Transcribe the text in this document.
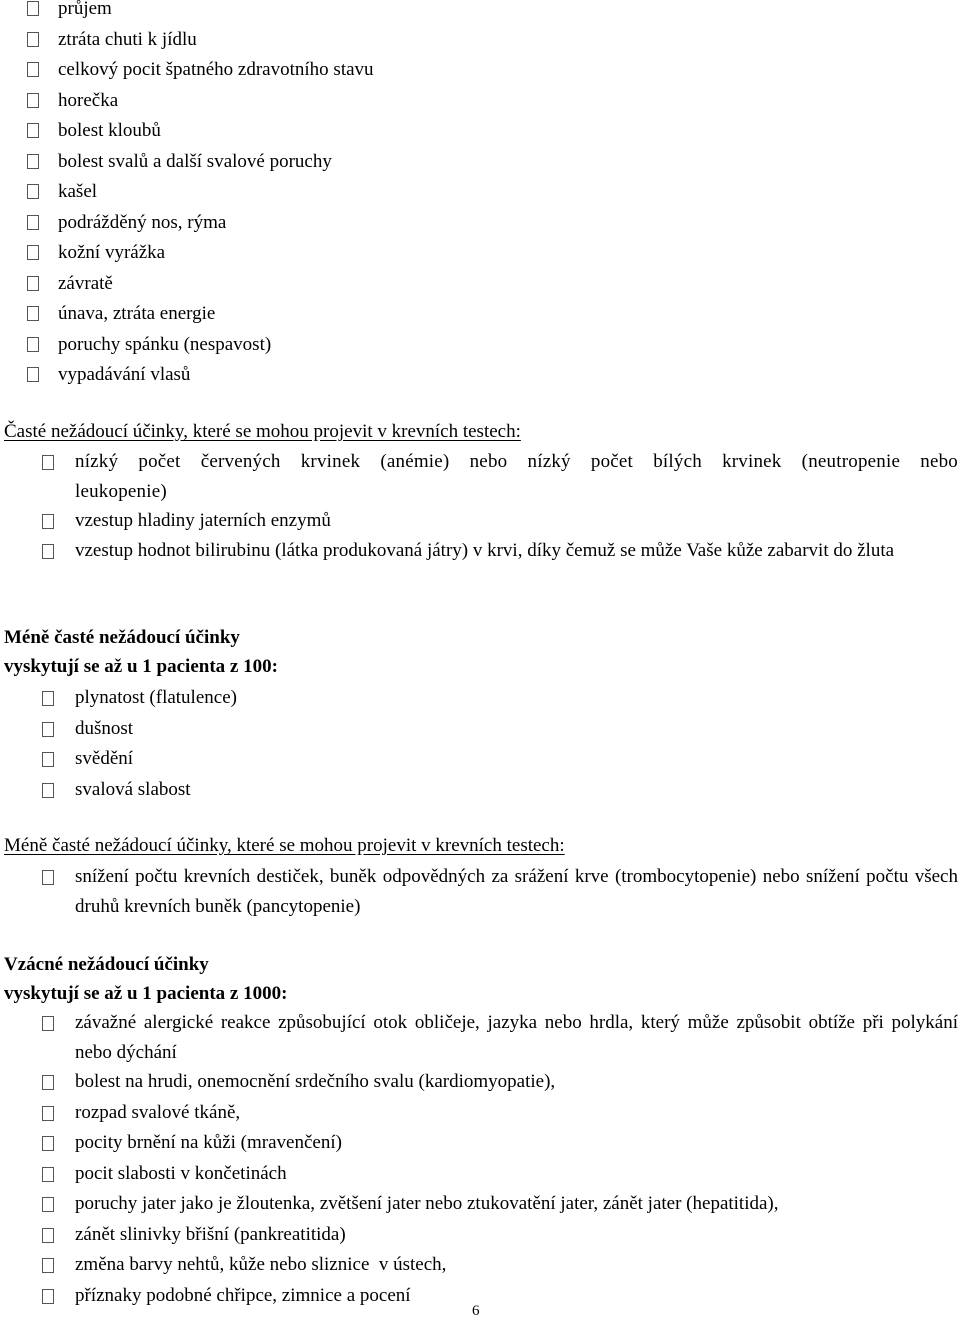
průjem
ztráta chuti k jídlu
celkový pocit špatného zdravotního stavu
horečka
bolest kloubů
bolest svalů a další svalové poruchy
kašel
podrážděný nos, rýma
kožní vyrážka
závratě
únava, ztráta energie
poruchy spánku (nespavost)
vypadávání vlasů
Časté nežádoucí účinky, které se mohou projevit v krevních testech:
nízký počet červených krvinek (anémie) nebo nízký počet bílých krvinek (neutropenie nebo leukopenie)
vzestup hladiny jaterních enzymů
vzestup hodnot bilirubinu (látka produkovaná játry) v krvi, díky čemuž se může Vaše kůže zabarvit do žluta
Méně časté nežádoucí účinky
vyskytují se až u 1 pacienta z 100:
plynatost (flatulence)
dušnost
svědění
svalová slabost
Méně časté nežádoucí účinky, které se mohou projevit v krevních testech:
snížení počtu krevních destiček, buněk odpovědných za srážení krve (trombocytopenie) nebo snížení počtu všech druhů krevních buněk (pancytopenie)
Vzácné nežádoucí účinky
vyskytují se až u 1 pacienta z 1000:
závažné alergické reakce způsobující otok obličeje, jazyka nebo hrdla, který může způsobit obtíže při polykání nebo dýchání
bolest na hrudi, onemocnění srdečního svalu (kardiomyopatie),
rozpad svalové tkáně,
pocity brnění na kůži (mravenčení)
pocit slabosti v končetinách
poruchy jater jako je žloutenka, zvětšení jater nebo ztukovatění jater, zánět jater (hepatitida),
zánět slinivky břišní (pankreatitida)
změna barvy nehtů, kůže nebo sliznice  v ústech,
příznaky podobné chřipce, zimnice a pocení
6
